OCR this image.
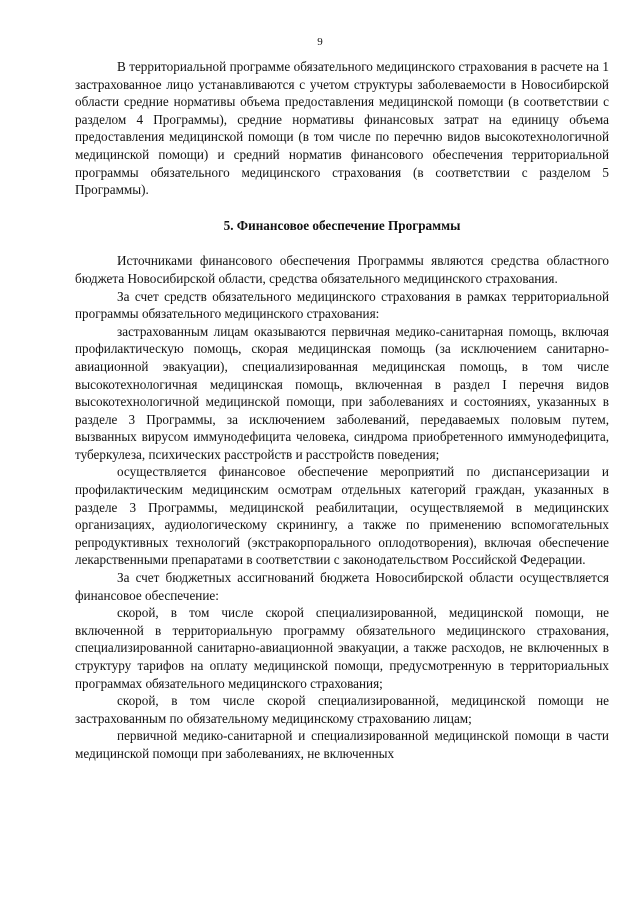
9

В территориальной программе обязательного медицинского страхования в расчете на 1 застрахованное лицо устанавливаются с учетом структуры заболеваемости в Новосибирской области средние нормативы объема предоставления медицинской помощи (в соответствии с разделом 4 Программы), средние нормативы финансовых затрат на единицу объема предоставления медицинской помощи (в том числе по перечню видов высокотехнологичной медицинской помощи) и средний норматив финансового обеспечения территориальной программы обязательного медицинского страхования (в соответствии с разделом 5 Программы).

5. Финансовое обеспечение Программы

Источниками финансового обеспечения Программы являются средства областного бюджета Новосибирской области, средства обязательного медицинского страхования.

За счет средств обязательного медицинского страхования в рамках территориальной программы обязательного медицинского страхования:

застрахованным лицам оказываются первичная медико-санитарная помощь, включая профилактическую помощь, скорая медицинская помощь (за исключением санитарно-авиационной эвакуации), специализированная медицинская помощь, в том числе высокотехнологичная медицинская помощь, включенная в раздел I перечня видов высокотехнологичной медицинской помощи, при заболеваниях и состояниях, указанных в разделе 3 Программы, за исключением заболеваний, передаваемых половым путем, вызванных вирусом иммунодефицита человека, синдрома приобретенного иммунодефицита, туберкулеза, психических расстройств и расстройств поведения;

осуществляется финансовое обеспечение мероприятий по диспансеризации и профилактическим медицинским осмотрам отдельных категорий граждан, указанных в разделе 3 Программы, медицинской реабилитации, осуществляемой в медицинских организациях, аудиологическому скринингу, а также по применению вспомогательных репродуктивных технологий (экстракорпорального оплодотворения), включая обеспечение лекарственными препаратами в соответствии с законодательством Российской Федерации.

За счет бюджетных ассигнований бюджета Новосибирской области осуществляется финансовое обеспечение:

скорой, в том числе скорой специализированной, медицинской помощи, не включенной в территориальную программу обязательного медицинского страхования, специализированной санитарно-авиационной эвакуации, а также расходов, не включенных в структуру тарифов на оплату медицинской помощи, предусмотренную в территориальных программах обязательного медицинского страхования;

скорой, в том числе скорой специализированной, медицинской помощи не застрахованным по обязательному медицинскому страхованию лицам;

первичной медико-санитарной и специализированной медицинской помощи в части медицинской помощи при заболеваниях, не включенных
